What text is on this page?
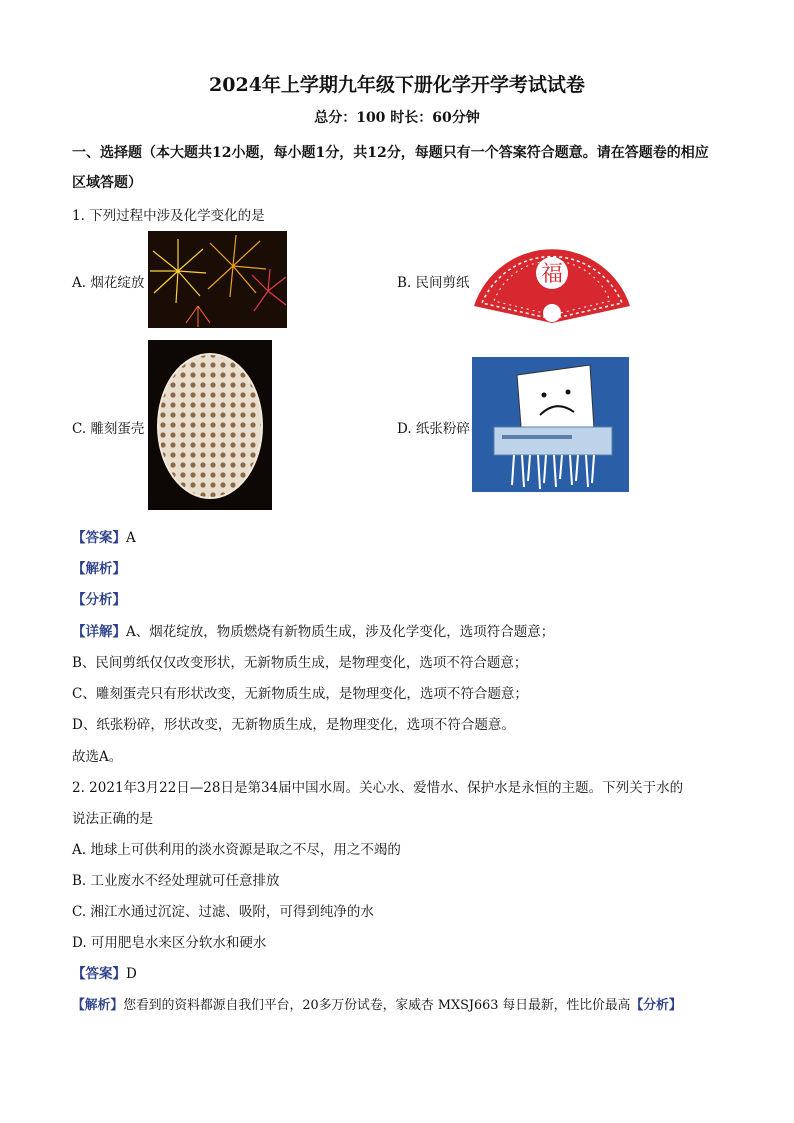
2024年上学期九年级下册化学开学考试试卷
总分：100 时长：60分钟
一、选择题（本大题共12小题，每小题1分，共12分，每题只有一个答案符合题意。请在答题卷的相应区域答题）
1. 下列过程中涉及化学变化的是
A. 烟花绽放	B. 民间剪纸	福
C. 雕刻蛋壳	D. 纸张粉碎
【答案】A
【解析】
【分析】
【详解】A、烟花绽放，物质燃烧有新物质生成，涉及化学变化，选项符合题意；
B、民间剪纸仅仅改变形状，无新物质生成，是物理变化，选项不符合题意；
C、雕刻蛋壳只有形状改变，无新物质生成，是物理变化，选项不符合题意；
D、纸张粉碎，形状改变，无新物质生成，是物理变化，选项不符合题意。
故选A。
2. 2021年3月22日—28日是第34届中国水周。关心水、爱惜水、保护水是永恒的主题。下列关于水的
说法正确的是
A. 地球上可供利用的淡水资源是取之不尽，用之不竭的
B. 工业废水不经处理就可任意排放
C. 湘江水通过沉淀、过滤、吸附，可得到纯净的水
D. 可用肥皂水来区分软水和硬水
【答案】D
【解析】您看到的资料都源自我们平台，20多万份试卷，家威杏 MXSJ663 每日最新，性比价最高【分析】
